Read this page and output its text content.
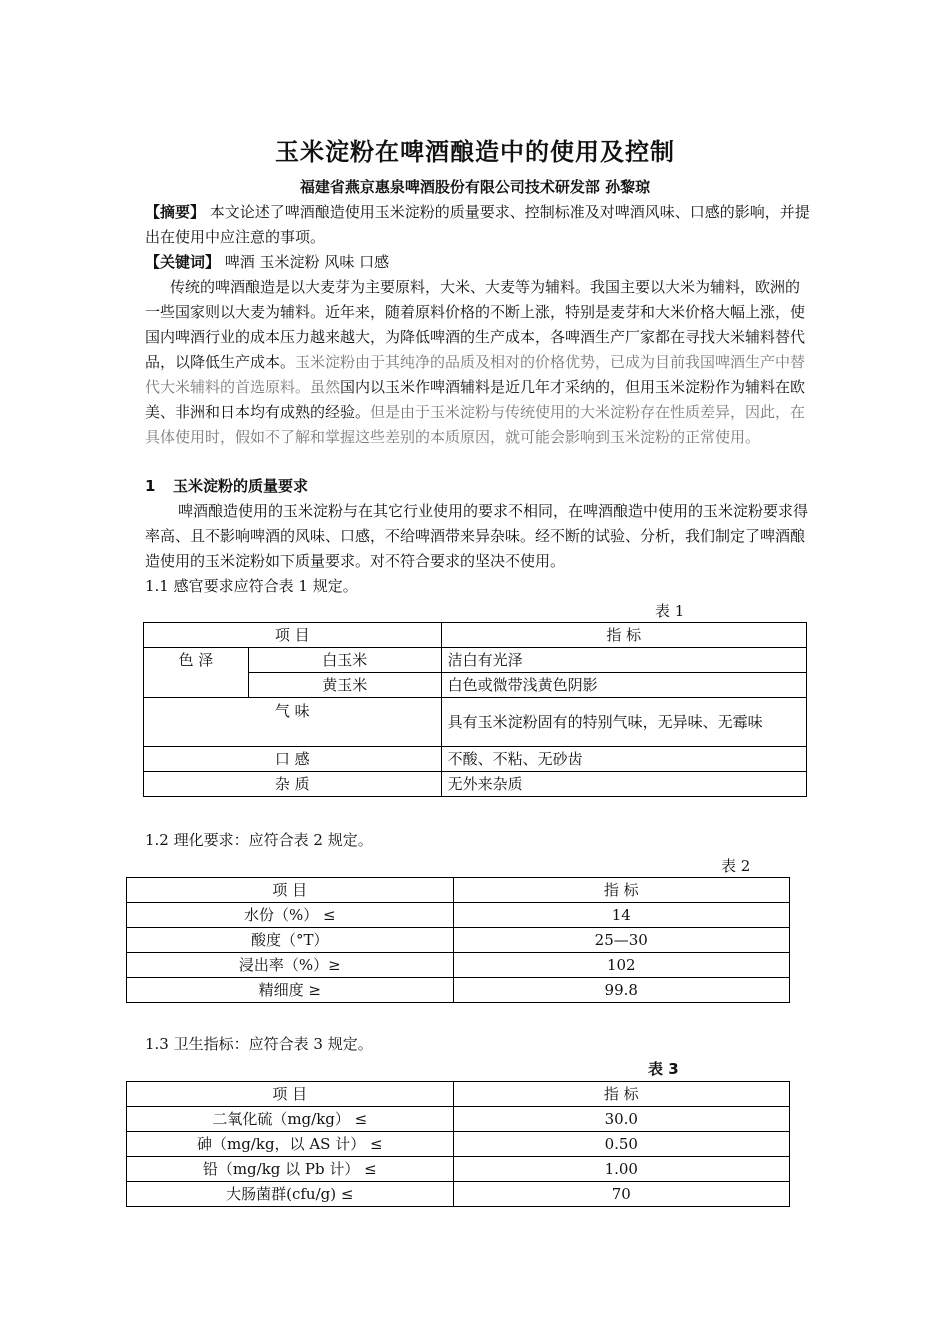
玉米淀粉在啤酒酿造中的使用及控制
福建省燕京惠泉啤酒股份有限公司技术研发部 孙黎琼
【摘要】 本文论述了啤酒酿造使用玉米淀粉的质量要求、控制标准及对啤酒风味、口感的影响，并提出在使用中应注意的事项。
【关键词】 啤酒 玉米淀粉 风味 口感
传统的啤酒酿造是以大麦芽为主要原料，大米、大麦等为辅料。我国主要以大米为辅料，欧洲的一些国家则以大麦为辅料。近年来，随着原料价格的不断上涨，特别是麦芽和大米价格大幅上涨，使国内啤酒行业的成本压力越来越大，为降低啤酒的生产成本，各啤酒生产厂家都在寻找大米辅料替代品，以降低生产成本。玉米淀粉由于其纯净的品质及相对的价格优势，已成为目前我国啤酒生产中替代大米辅料的首选原料。虽然国内以玉米作啤酒辅料是近几年才采纳的，但用玉米淀粉作为辅料在欧美、非洲和日本均有成熟的经验。但是由于玉米淀粉与传统使用的大米淀粉存在性质差异，因此，在具体使用时，假如不了解和掌握这些差别的本质原因，就可能会影响到玉米淀粉的正常使用。
1 玉米淀粉的质量要求
啤酒酿造使用的玉米淀粉与在其它行业使用的要求不相同，在啤酒酿造中使用的玉米淀粉要求得率高、且不影响啤酒的风味、口感，不给啤酒带来异杂味。经不断的试验、分析，我们制定了啤酒酿造使用的玉米淀粉如下质量要求。对不符合要求的坚决不使用。
1.1 感官要求应符合表 1 规定。
表 1
项 目		指 标
色 泽	白玉米	洁白有光泽
	黄玉米	白色或微带浅黄色阴影
气 味		具有玉米淀粉固有的特别气味，无异味、无霉味
口 感		不酸、不粘、无砂齿
杂 质		无外来杂质
1.2 理化要求：应符合表 2 规定。
表 2
项 目	指 标
水份（%） ≤	14
酸度（°T）	25—30
浸出率（%）≥	102
精细度 ≥	99.8
1.3 卫生指标：应符合表 3 规定。
表 3
项 目	指 标
二氧化硫（mg/kg） ≤	30.0
砷（mg/kg，以 AS 计） ≤	0.50
铅（mg/kg 以 Pb 计） ≤	1.00
大肠菌群(cfu/g) ≤	70
